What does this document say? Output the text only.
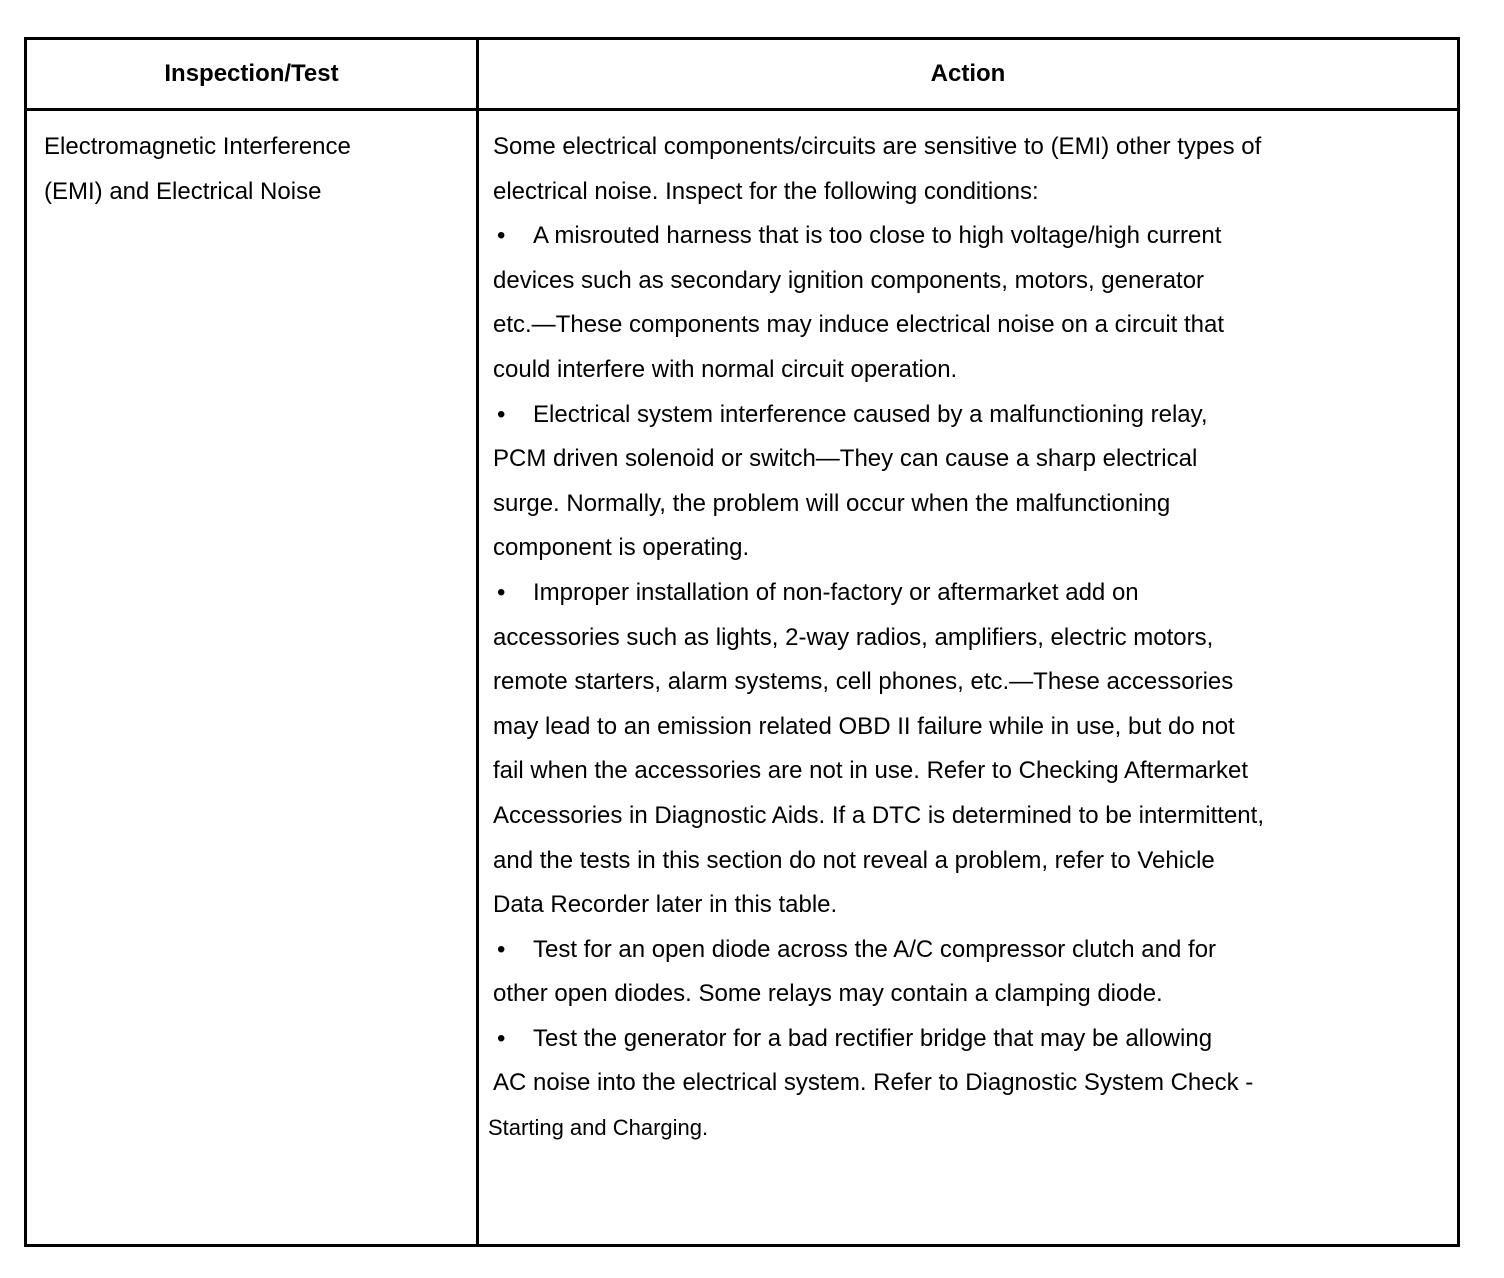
Inspection/Test	Action
Electromagnetic Interference
(EMI) and Electrical Noise
Some electrical components/circuits are sensitive to (EMI) other types of
electrical noise. Inspect for the following conditions:
• A misrouted harness that is too close to high voltage/high current
devices such as secondary ignition components, motors, generator
etc.—These components may induce electrical noise on a circuit that
could interfere with normal circuit operation.
• Electrical system interference caused by a malfunctioning relay,
PCM driven solenoid or switch—They can cause a sharp electrical
surge. Normally, the problem will occur when the malfunctioning
component is operating.
• Improper installation of non-factory or aftermarket add on
accessories such as lights, 2-way radios, amplifiers, electric motors,
remote starters, alarm systems, cell phones, etc.—These accessories
may lead to an emission related OBD II failure while in use, but do not
fail when the accessories are not in use. Refer to Checking Aftermarket
Accessories in Diagnostic Aids. If a DTC is determined to be intermittent,
and the tests in this section do not reveal a problem, refer to Vehicle
Data Recorder later in this table.
• Test for an open diode across the A/C compressor clutch and for
other open diodes. Some relays may contain a clamping diode.
• Test the generator for a bad rectifier bridge that may be allowing
AC noise into the electrical system. Refer to Diagnostic System Check -
Starting and Charging.
